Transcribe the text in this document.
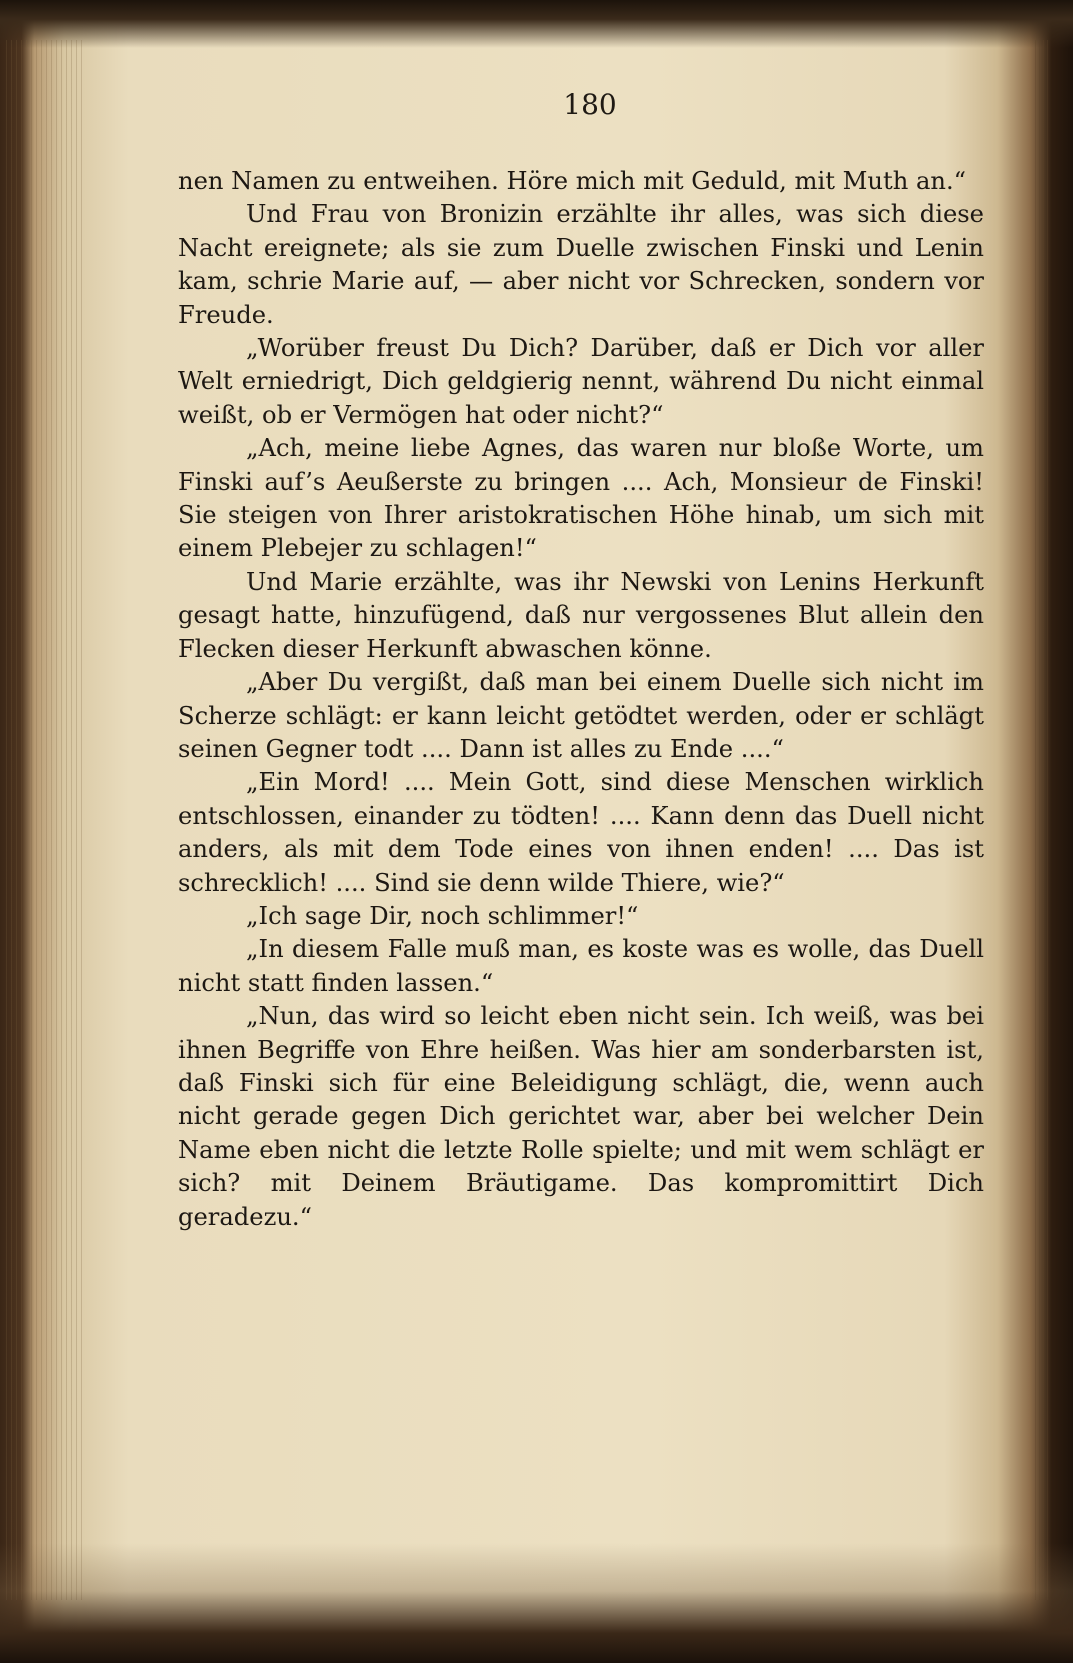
180

nen Namen zu entweihen. Höre mich mit Geduld, mit Muth an.“

Und Frau von Bronizin erzählte ihr alles, was sich diese Nacht ereignete; als sie zum Duelle zwischen Finski und Lenin kam, schrie Marie auf, — aber nicht vor Schrecken, sondern vor Freude.

„Worüber freust Du Dich? Darüber, daß er Dich vor aller Welt erniedrigt, Dich geldgierig nennt, während Du nicht einmal weißt, ob er Vermögen hat oder nicht?“

„Ach, meine liebe Agnes, das waren nur bloße Worte, um Finski auf’s Aeußerste zu bringen .... Ach, Monsieur de Finski! Sie steigen von Ihrer aristokratischen Höhe hinab, um sich mit einem Plebejer zu schlagen!“

Und Marie erzählte, was ihr Newski von Lenins Herkunft gesagt hatte, hinzufügend, daß nur vergossenes Blut allein den Flecken dieser Herkunft abwaschen könne.

„Aber Du vergißt, daß man bei einem Duelle sich nicht im Scherze schlägt: er kann leicht getödtet werden, oder er schlägt seinen Gegner todt .... Dann ist alles zu Ende ....“

„Ein Mord! .... Mein Gott, sind diese Menschen wirklich entschlossen, einander zu tödten! .... Kann denn das Duell nicht anders, als mit dem Tode eines von ihnen enden! .... Das ist schrecklich! .... Sind sie denn wilde Thiere, wie?“

„Ich sage Dir, noch schlimmer!“

„In diesem Falle muß man, es koste was es wolle, das Duell nicht statt finden lassen.“

„Nun, das wird so leicht eben nicht sein. Ich weiß, was bei ihnen Begriffe von Ehre heißen. Was hier am sonderbarsten ist, daß Finski sich für eine Beleidigung schlägt, die, wenn auch nicht gerade gegen Dich gerichtet war, aber bei welcher Dein Name eben nicht die letzte Rolle spielte; und mit wem schlägt er sich? mit Deinem Bräutigame. Das kompromittirt Dich geradezu.“
